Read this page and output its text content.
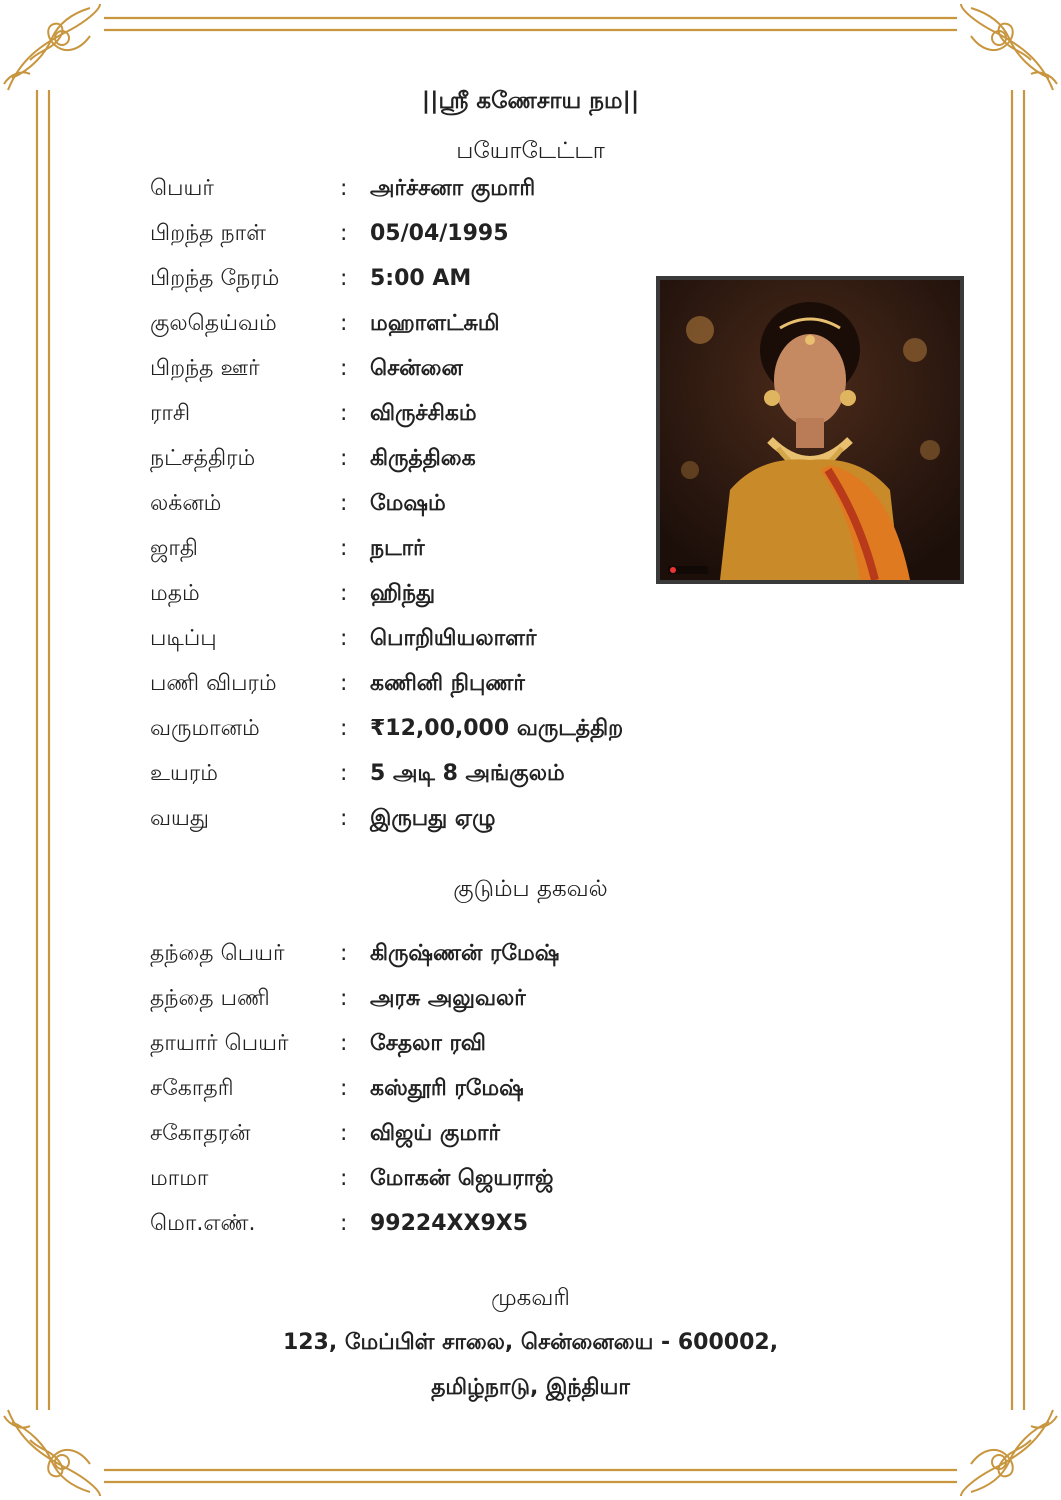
||ஸ்ரீ கணேசாய நம||
பயோடேட்டா
பெயர்	: அர்ச்சனா குமாரி
பிறந்த நாள்	: 05/04/1995
பிறந்த நேரம்	: 5:00 AM
குலதெய்வம்	: மஹாளட்சுமி
பிறந்த ஊர்	: சென்னை
ராசி	: விருச்சிகம்
நட்சத்திரம்	: கிருத்திகை
லக்னம்	: மேஷம்
ஜாதி	: நடார்
மதம்	: ஹிந்து
படிப்பு	: பொறியியலாளர்
பணி விபரம்	: கணினி நிபுணர்
வருமானம்	: ₹12,00,000 வருடத்திற
உயரம்	: 5 அடி 8 அங்குலம்
வயது	: இருபது ஏழு
குடும்ப தகவல்
தந்தை பெயர்	: கிருஷ்ணன் ரமேஷ்
தந்தை பணி	: அரசு அலுவலர்
தாயார் பெயர் : சேதலா ரவி
சகோதரி	: கஸ்தூரி ரமேஷ்
சகோதரன்	: விஜய் குமார்
மாமா	: மோகன் ஜெயராஜ்
மொ.எண்.	: 99224XX9X5
முகவரி
123, மேப்பிள் சாலை, சென்னையை - 600002,
தமிழ்நாடு, இந்தியா
